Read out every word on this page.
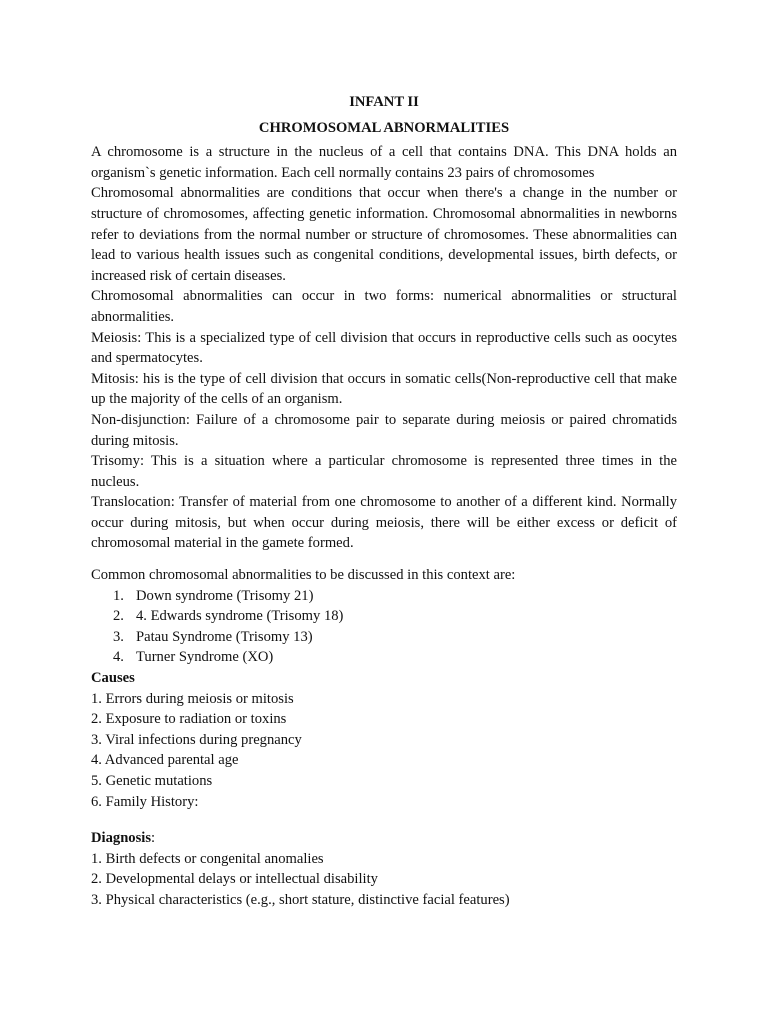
INFANT II

CHROMOSOMAL ABNORMALITIES

A chromosome is a structure in the nucleus of a cell that contains DNA. This DNA holds an organism`s genetic information. Each cell normally contains 23 pairs of chromosomes

Chromosomal abnormalities are conditions that occur when there's a change in the number or structure of chromosomes, affecting genetic information. Chromosomal abnormalities in newborns refer to deviations from the normal number or structure of chromosomes. These abnormalities can lead to various health issues such as congenital conditions, developmental issues, birth defects, or increased risk of certain diseases.

Chromosomal abnormalities can occur in two forms: numerical abnormalities or structural abnormalities.

Meiosis: This is a specialized type of cell division that occurs in reproductive cells such as oocytes and spermatocytes.

Mitosis: his is the type of cell division that occurs in somatic cells(Non-reproductive cell that make up the majority of the cells of an organism.

Non-disjunction: Failure of a chromosome pair to separate during meiosis or paired chromatids during mitosis.

Trisomy: This is a situation where a particular chromosome is represented three times in the nucleus.

Translocation: Transfer of material from one chromosome to another of a different kind. Normally occur during mitosis, but when occur during meiosis, there will be either excess or deficit of chromosomal material in the gamete formed.

Common chromosomal abnormalities to be discussed in this context are:

1. Down syndrome (Trisomy 21)
2. 4. Edwards syndrome (Trisomy 18)
3. Patau Syndrome (Trisomy 13)
4. Turner Syndrome (XO)

Causes

1. Errors during meiosis or mitosis

2. Exposure to radiation or toxins

3. Viral infections during pregnancy

4. Advanced parental age

5. Genetic mutations

6. Family History:

Diagnosis:

1. Birth defects or congenital anomalies

2. Developmental delays or intellectual disability

3. Physical characteristics (e.g., short stature, distinctive facial features)
